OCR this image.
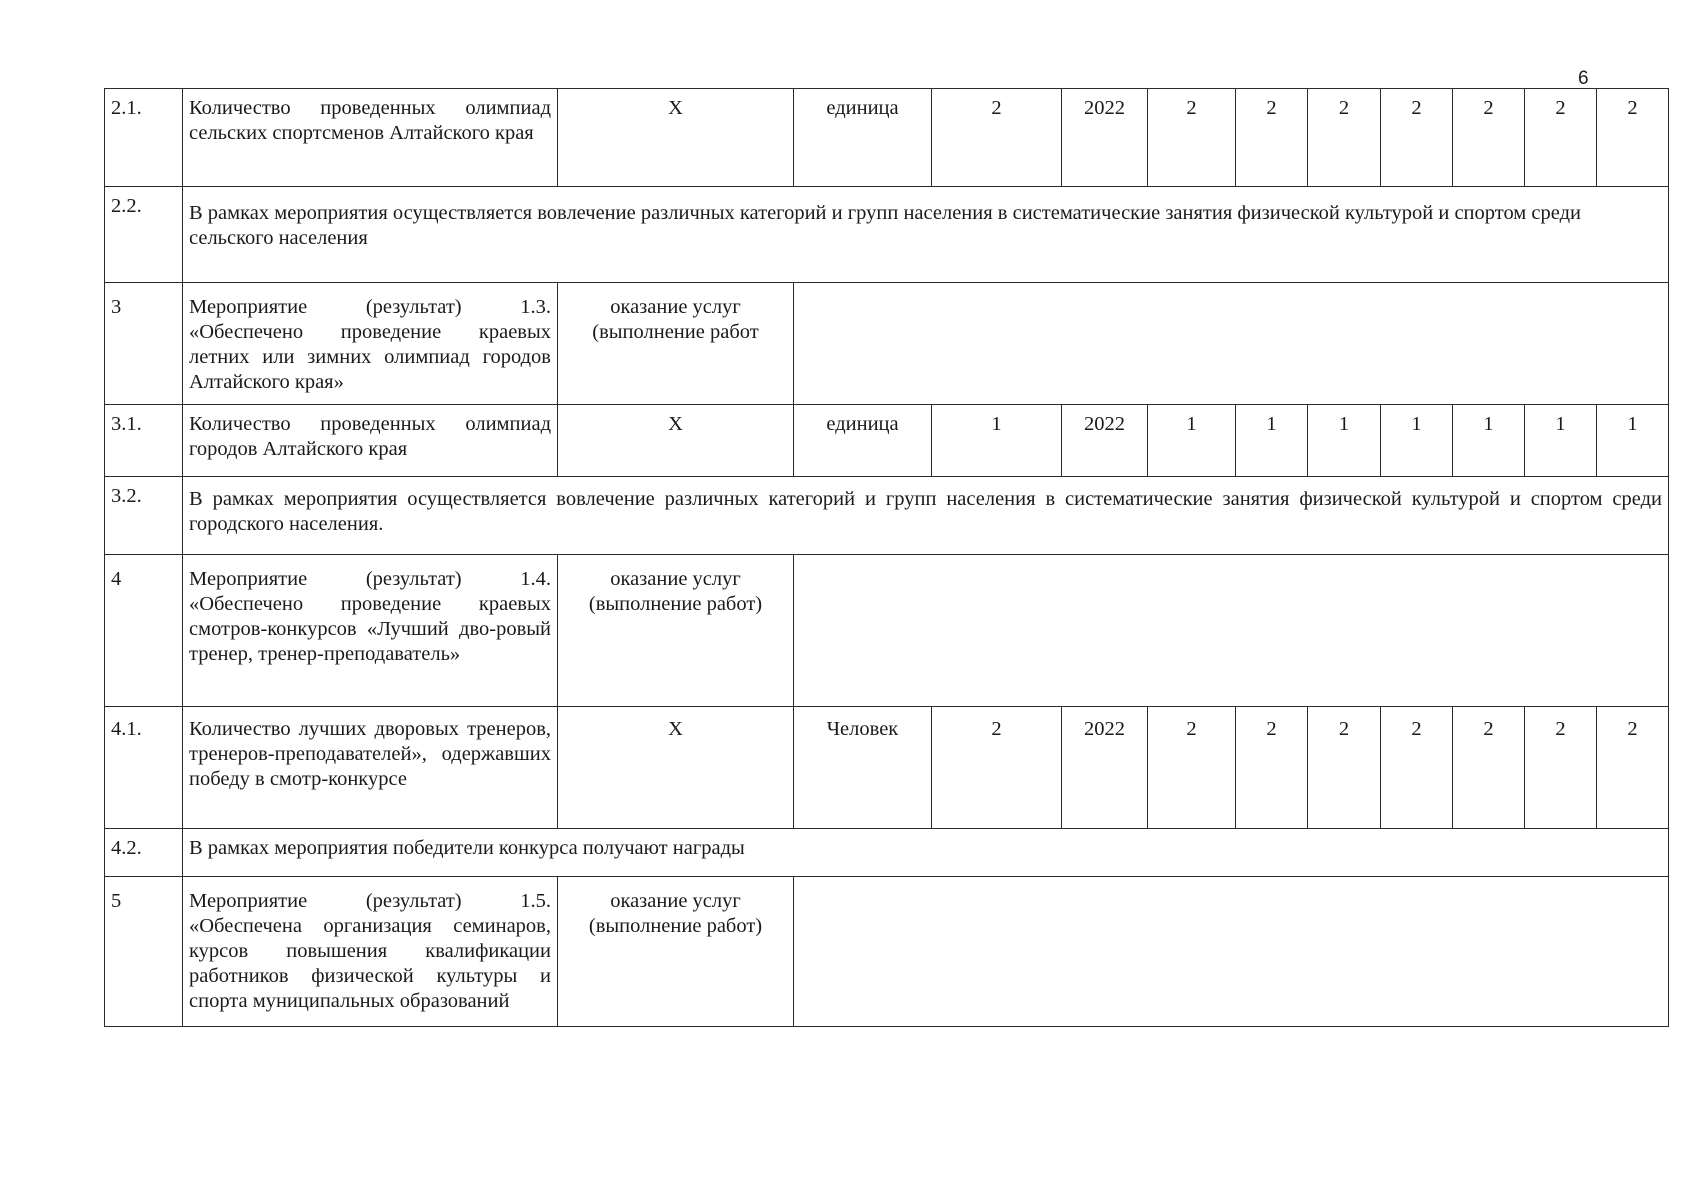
6
2.1.	Количество проведенных олимпиад сельских спортсменов Алтайского края	X	единица	2	2022	2	2	2	2	2	2	2
2.2.	В рамках мероприятия осуществляется вовлечение различных категорий и групп населения в систематические занятия физической культурой и спортом среди сельского населения											
3	Мероприятие (результат) 1.3. «Обеспечено проведение краевых летних или зимних олимпиад городов Алтайского края»	оказание услуг (выполнение работ										
3.1.	Количество проведенных олимпиад городов Алтайского края	X	единица	1	2022	1	1	1	1	1	1	1
3.2.	В рамках мероприятия осуществляется вовлечение различных категорий и групп населения в систематические занятия физической культурой и спортом среди городского населения.											
4	Мероприятие (результат) 1.4. «Обеспечено проведение краевых смотров-конкурсов «Лучший дво-ровый тренер, тренер-преподаватель»	оказание услуг (выполнение работ)										
4.1.	Количество лучших дворовых тренеров, тренеров-преподавателей», одержавших победу в смотр-конкурсе	X	Человек	2	2022	2	2	2	2	2	2	2
4.2.	В рамках мероприятия победители конкурса получают награды											
5	Мероприятие (результат) 1.5. «Обеспечена организация семинаров, курсов повышения квалификации работников физической культуры и спорта муниципальных образований	оказание услуг (выполнение работ)										
